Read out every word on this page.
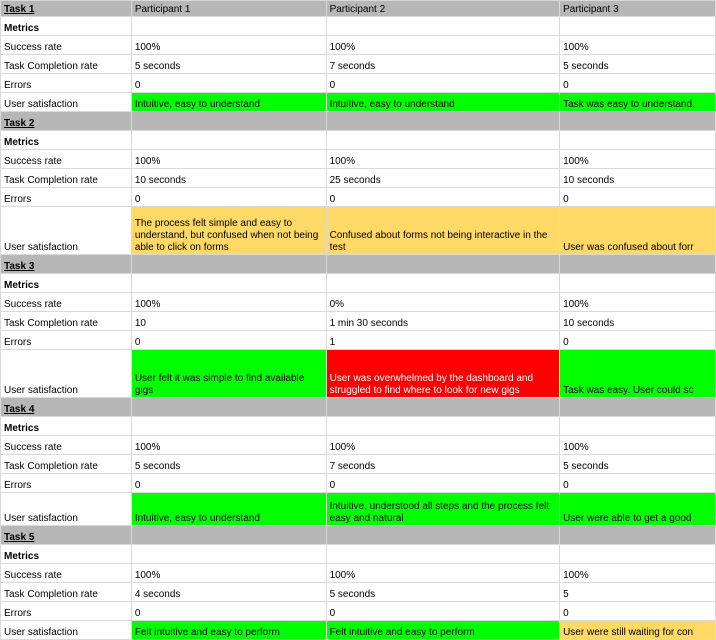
Task 1	Participant 1	Participant 2	Participant 3
Metrics			
Success rate	100%	100%	100%
Task Completion rate	5 seconds	7 seconds	5 seconds
Errors	0	0	0
User satisfaction	Intuitive, easy to understand	Intuitive, easy to understand	Task was easy to understand.
Task 2			
Metrics			
Success rate	100%	100%	100%
Task Completion rate	10 seconds	25 seconds	10 seconds
Errors	0	0	0
User satisfaction	The process felt simple and easy to understand, but confused when not being able to click on forms	Confused about forms not being interactive in the test	User was confused about forr
Task 3			
Metrics			
Success rate	100%	0%	100%
Task Completion rate	10	1 min 30 seconds	10 seconds
Errors	0	1	0
User satisfaction	User felt it was simple to find available gigs	User was overwhelmed by the dashboard and struggled to find where to look for new gigs	Task was easy. User could sc
Task 4			
Metrics			
Success rate	100%	100%	100%
Task Completion rate	5 seconds	7 seconds	5 seconds
Errors	0	0	0
User satisfaction	Intuitive, easy to understand	Intuitive, understood all steps and the process felt easy and natural	User were able to get a good
Task 5			
Metrics			
Success rate	100%	100%	100%
Task Completion rate	4 seconds	5 seconds	5
Errors	0	0	0
User satisfaction	Felt intuitive and easy to perform	Felt intuitive and easy to perform	User were still waiting for con
